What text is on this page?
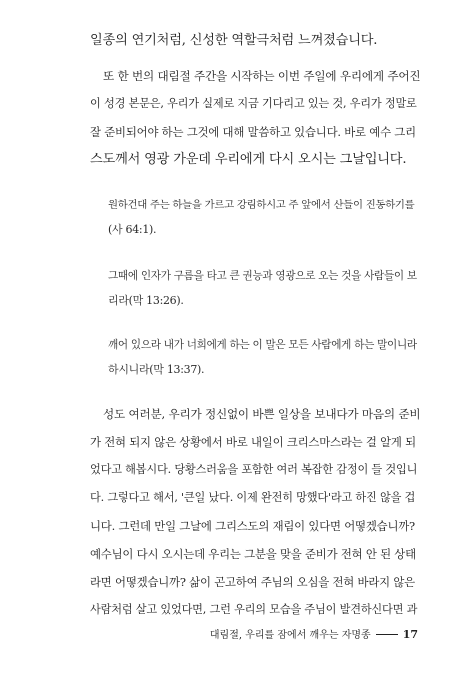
일종의 연기처럼, 신성한 역할극처럼 느껴졌습니다.
또 한 번의 대림절 주간을 시작하는 이번 주일에 우리에게 주어진
이 성경 본문은, 우리가 실제로 지금 기다리고 있는 것, 우리가 정말로
잘 준비되어야 하는 그것에 대해 말씀하고 있습니다. 바로 예수 그리
스도께서 영광 가운데 우리에게 다시 오시는 그날입니다.
원하건대 주는 하늘을 가르고 강림하시고 주 앞에서 산들이 진동하기를
(사 64:1).
그때에 인자가 구름을 타고 큰 권능과 영광으로 오는 것을 사람들이 보
리라(막 13:26).
깨어 있으라 내가 너희에게 하는 이 말은 모든 사람에게 하는 말이니라
하시니라(막 13:37).
성도 여러분, 우리가 정신없이 바쁜 일상을 보내다가 마음의 준비
가 전혀 되지 않은 상황에서 바로 내일이 크리스마스라는 걸 알게 되
었다고 해봅시다. 당황스러움을 포함한 여러 복잡한 감정이 들 것입니
다. 그렇다고 해서, '큰일 났다. 이제 완전히 망했다'라고 하진 않을 겁
니다. 그런데 만일 그날에 그리스도의 재림이 있다면 어떻겠습니까?
예수님이 다시 오시는데 우리는 그분을 맞을 준비가 전혀 안 된 상태
라면 어떻겠습니까? 삶이 곤고하여 주님의 오심을 전혀 바라지 않은
사람처럼 살고 있었다면, 그런 우리의 모습을 주님이 발견하신다면 과
대림절, 우리를 잠에서 깨우는 자명종	17
